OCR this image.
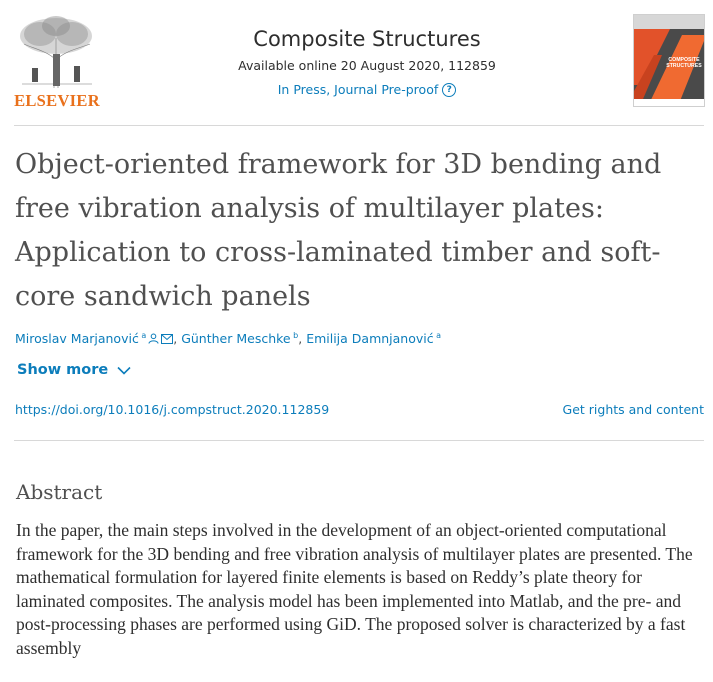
ELSEVIER
Composite Structures
Available online 20 August 2020, 112859
In Press, Journal Pre-proof ?
COMPOSITE
STRUCTURES
Object-oriented framework for 3D bending and free vibration analysis of multilayer plates: Application to cross-laminated timber and soft-core sandwich panels
Miroslav Marjanović  $^a$ , Günther Meschke  $^b$, Emilija Damnjanović  $^a$
Show more
https://doi.org/10.1016/j.compstruct.2020.112859	Get rights and content
Abstract

In the paper, the main steps involved in the development of an object-oriented computational framework for the 3D bending and free vibration analysis of multilayer plates are presented. The mathematical formulation for layered finite elements is based on Reddy’s plate theory for laminated composites. The analysis model has been implemented into Matlab, and the pre- and post-processing phases are performed using GiD. The proposed solver is characterized by a fast assembly
